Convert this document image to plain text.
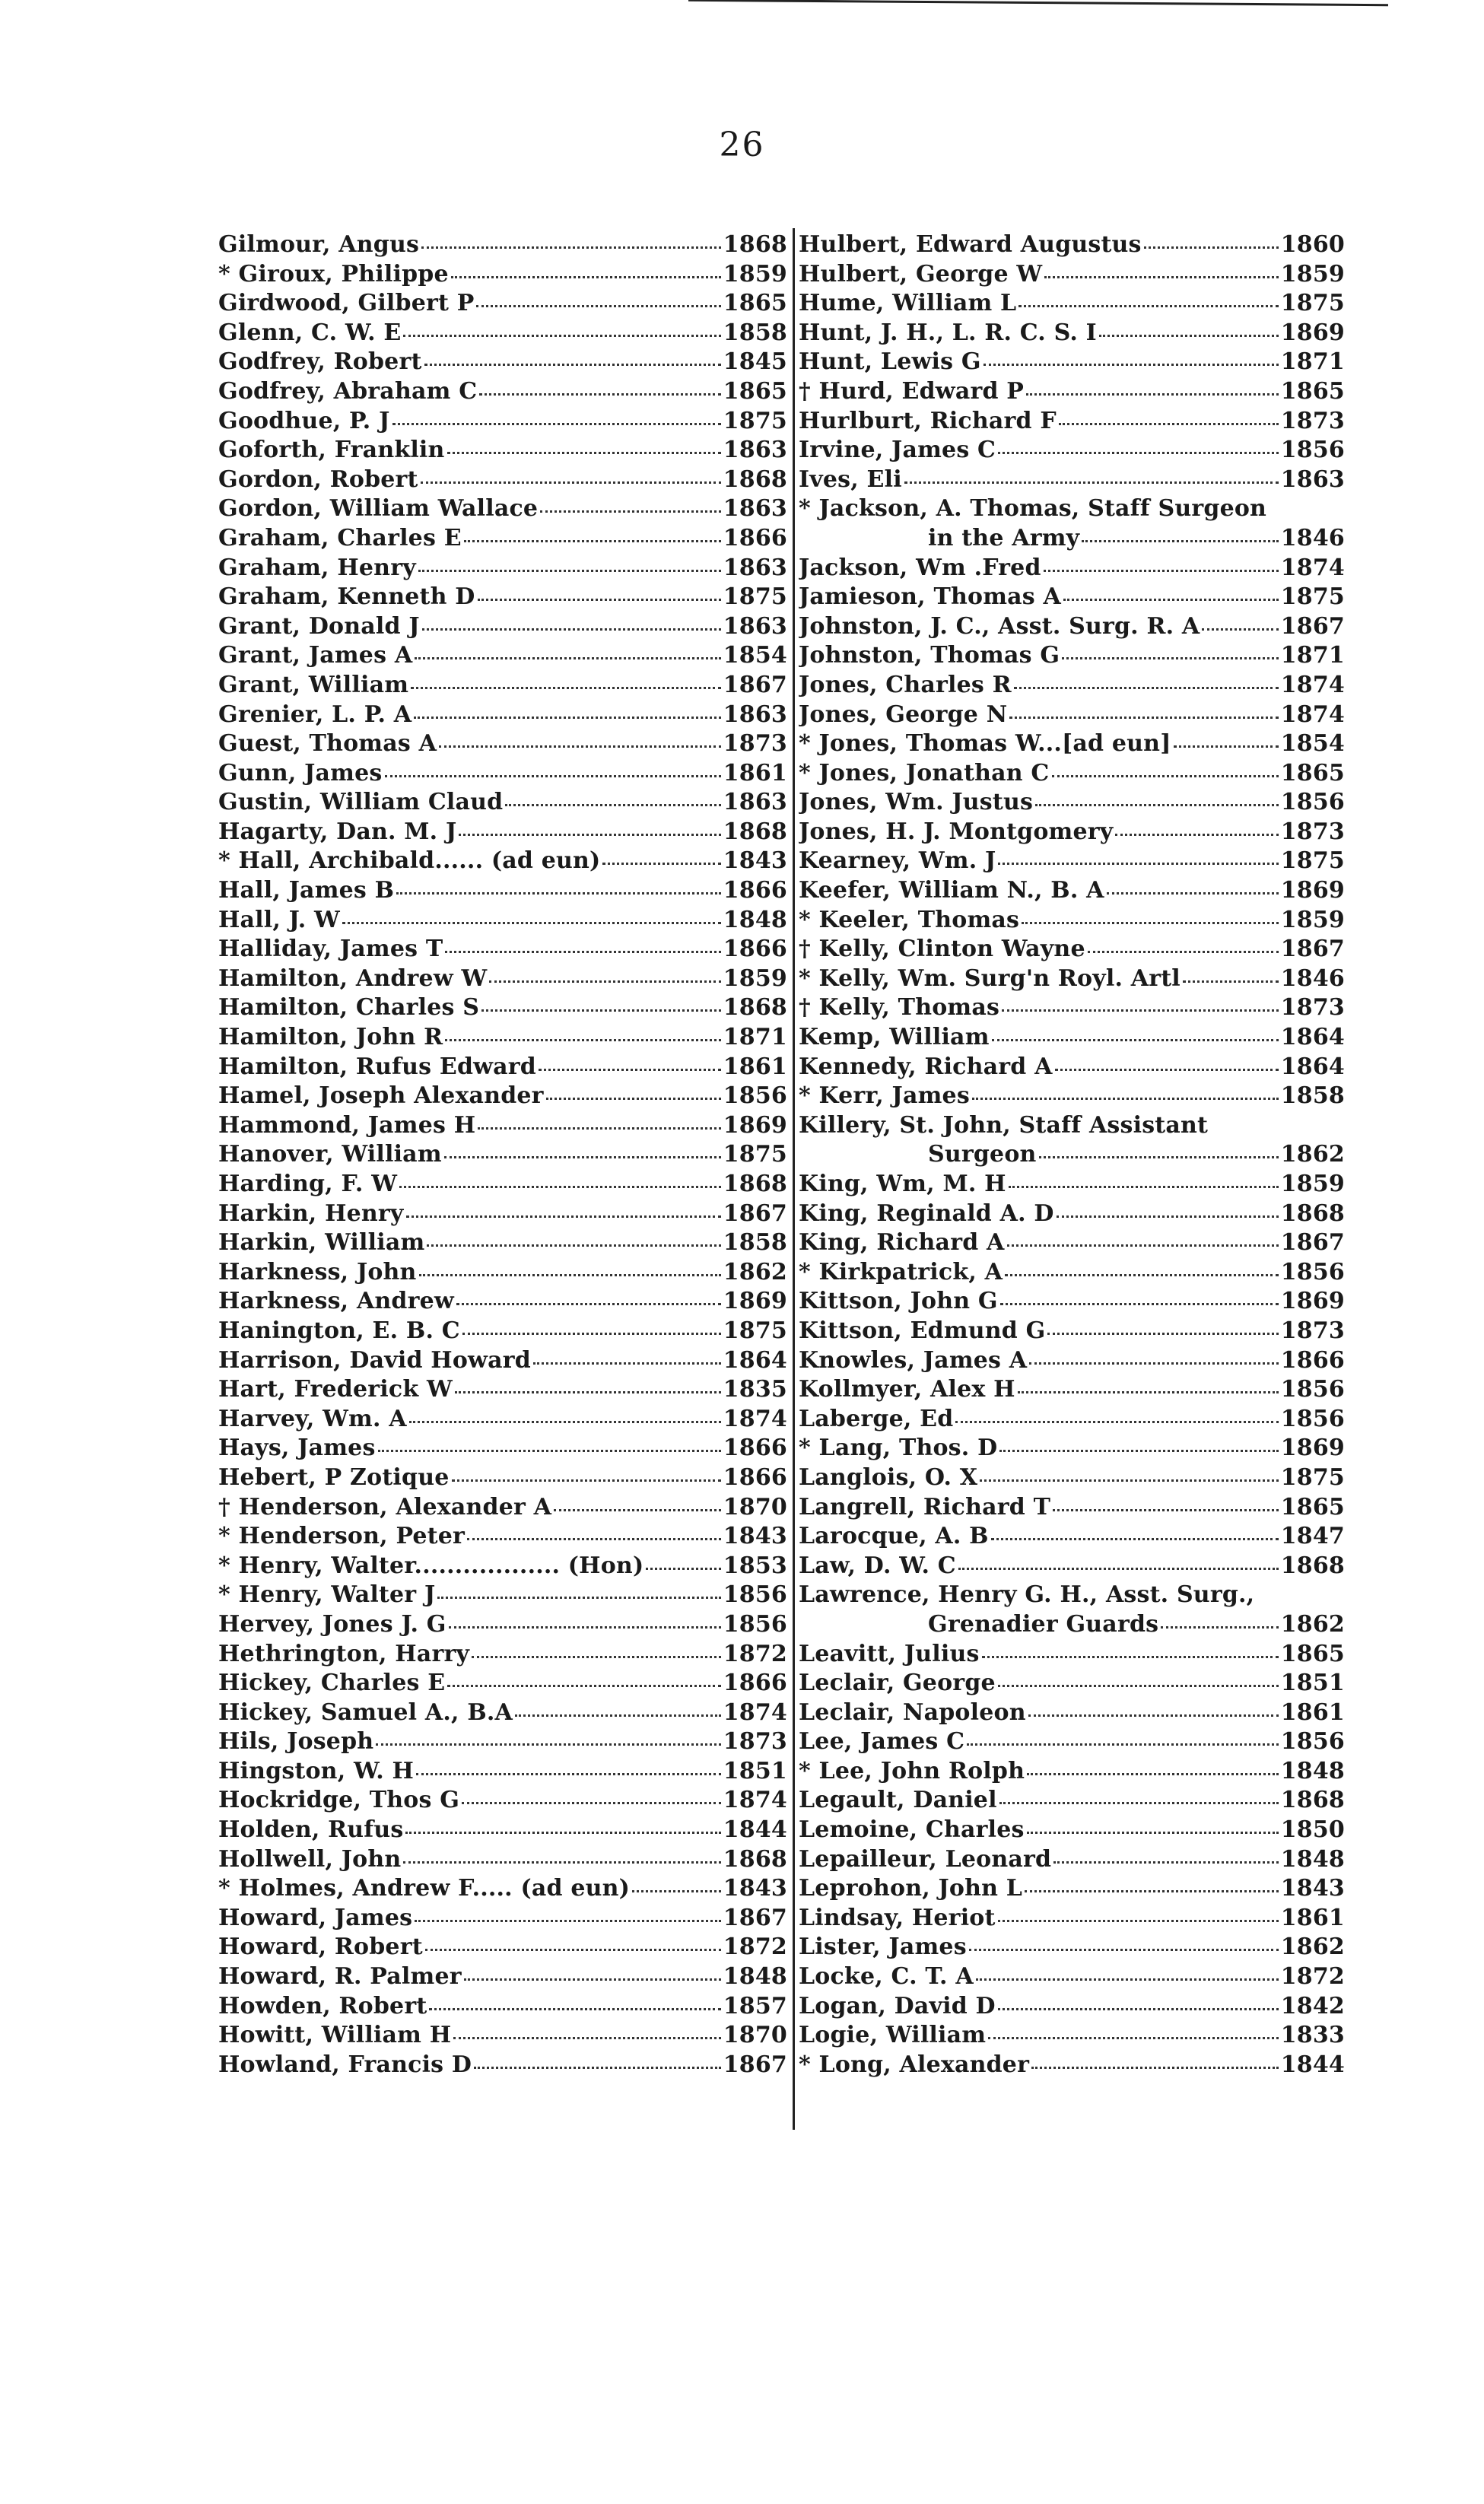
26
Gilmour, Angus	1868
* Giroux, Philippe	1859
Girdwood, Gilbert P	1865
Glenn, C. W. E	1858
Godfrey, Robert	1845
Godfrey, Abraham C	1865
Goodhue, P. J	1875
Goforth, Franklin	1863
Gordon, Robert	1868
Gordon, William Wallace	1863
Graham, Charles E	1866
Graham, Henry	1863
Graham, Kenneth D	1875
Grant, Donald J	1863
Grant, James A	1854
Grant, William	1867
Grenier, L. P. A	1863
Guest, Thomas A	1873
Gunn, James	1861
Gustin, William Claud	1863
Hagarty, Dan. M. J	1868
* Hall, Archibald...... (ad eun)	1843
Hall, James B	1866
Hall, J. W	1848
Halliday, James T	1866
Hamilton, Andrew W	1859
Hamilton, Charles S	1868
Hamilton, John R	1871
Hamilton, Rufus Edward	1861
Hamel, Joseph Alexander	1856
Hammond, James H	1869
Hanover, William	1875
Harding, F. W	1868
Harkin, Henry	1867
Harkin, William	1858
Harkness, John	1862
Harkness, Andrew	1869
Hanington, E. B. C	1875
Harrison, David Howard	1864
Hart, Frederick W	1835
Harvey, Wm. A	1874
Hays, James	1866
Hebert, P Zotique	1866
† Henderson, Alexander A	1870
* Henderson, Peter	1843
* Henry, Walter.................. (Hon)	1853
* Henry, Walter J	1856
Hervey, Jones J. G	1856
Hethrington, Harry	1872
Hickey, Charles E	1866
Hickey, Samuel A., B.A	1874
Hils, Joseph	1873
Hingston, W. H	1851
Hockridge, Thos G	1874
Holden, Rufus	1844
Hollwell, John	1868
* Holmes, Andrew F..... (ad eun)	1843
Howard, James	1867
Howard, Robert	1872
Howard, R. Palmer	1848
Howden, Robert	1857
Howitt, William H	1870
Howland, Francis D	1867
Hulbert, Edward Augustus	1860
Hulbert, George W	1859
Hume, William L	1875
Hunt, J. H., L. R. C. S. I	1869
Hunt, Lewis G	1871
† Hurd, Edward P	1865
Hurlburt, Richard F	1873
Irvine, James C	1856
Ives, Eli	1863
* Jackson, A. Thomas, Staff Surgeon
in the Army	1846
Jackson, Wm .Fred	1874
Jamieson, Thomas A	1875
Johnston, J. C., Asst. Surg. R. A	1867
Johnston, Thomas G	1871
Jones, Charles R	1874
Jones, George N	1874
* Jones, Thomas W...[ad eun]	1854
* Jones, Jonathan C	1865
Jones, Wm. Justus	1856
Jones, H. J. Montgomery	1873
Kearney, Wm. J	1875
Keefer, William N., B. A	1869
* Keeler, Thomas	1859
† Kelly, Clinton Wayne	1867
* Kelly, Wm. Surg'n Royl. Artl	1846
† Kelly, Thomas	1873
Kemp, William	1864
Kennedy, Richard A	1864
* Kerr, James	1858
Killery, St. John, Staff Assistant
Surgeon	1862
King, Wm, M. H	1859
King, Reginald A. D	1868
King, Richard A	1867
* Kirkpatrick, A	1856
Kittson, John G	1869
Kittson, Edmund G	1873
Knowles, James A	1866
Kollmyer, Alex H	1856
Laberge, Ed	1856
* Lang, Thos. D	1869
Langlois, O. X	1875
Langrell, Richard T	1865
Larocque, A. B	1847
Law, D. W. C	1868
Lawrence, Henry G. H., Asst. Surg.,
Grenadier Guards	1862
Leavitt, Julius	1865
Leclair, George	1851
Leclair, Napoleon	1861
Lee, James C	1856
* Lee, John Rolph	1848
Legault, Daniel	1868
Lemoine, Charles	1850
Lepailleur, Leonard	1848
Leprohon, John L	1843
Lindsay, Heriot	1861
Lister, James	1862
Locke, C. T. A	1872
Logan, David D	1842
Logie, William	1833
* Long, Alexander	1844
